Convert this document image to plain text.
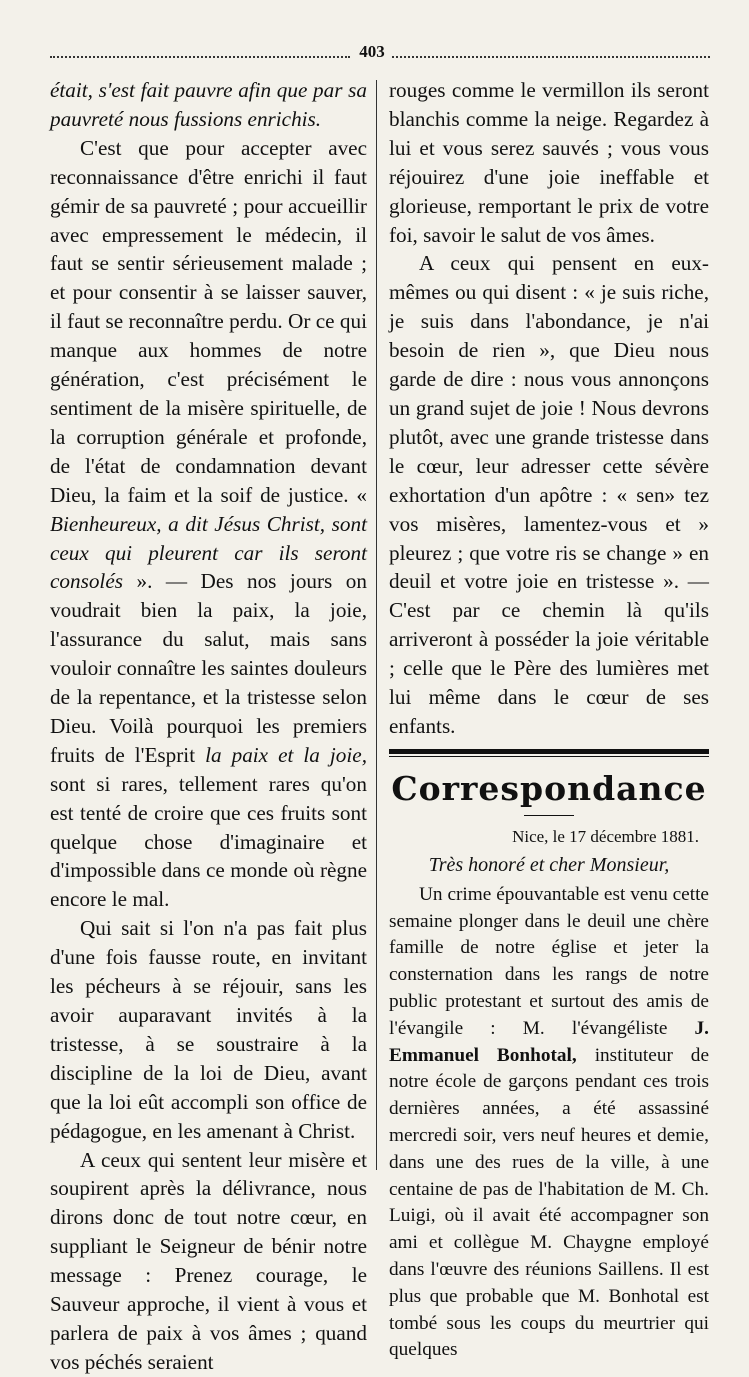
403

était, s'est fait pauvre afin que par sa pauvreté nous fussions enrichis.

C'est que pour accepter avec reconnaissance d'être enrichi il faut gémir de sa pauvreté ; pour accueillir avec empressement le médecin, il faut se sentir sérieusement malade ; et pour consentir à se laisser sauver, il faut se reconnaître perdu. Or ce qui manque aux hommes de notre génération, c'est précisément le sentiment de la misère spirituelle, de la corruption générale et profonde, de l'état de condamnation devant Dieu, la faim et la soif de justice. « Bienheureux, a dit Jésus Christ, sont ceux qui pleurent car ils seront consolés ». — Des nos jours on voudrait bien la paix, la joie, l'assurance du salut, mais sans vouloir connaître les saintes douleurs de la repentance, et la tristesse selon Dieu. Voilà pourquoi les premiers fruits de l'Esprit la paix et la joie, sont si rares, tellement rares qu'on est tenté de croire que ces fruits sont quelque chose d'imaginaire et d'impossible dans ce monde où règne encore le mal.

Qui sait si l'on n'a pas fait plus d'une fois fausse route, en invitant les pécheurs à se réjouir, sans les avoir auparavant invités à la tristesse, à se soustraire à la discipline de la loi de Dieu, avant que la loi eût accompli son office de pédagogue, en les amenant à Christ.

A ceux qui sentent leur misère et soupirent après la délivrance, nous dirons donc de tout notre cœur, en suppliant le Seigneur de bénir notre message : Prenez courage, le Sauveur approche, il vient à vous et parlera de paix à vos âmes ; quand vos péchés seraient

rouges comme le vermillon ils seront blanchis comme la neige. Regardez à lui et vous serez sauvés ; vous vous réjouirez d'une joie ineffable et glorieuse, remportant le prix de votre foi, savoir le salut de vos âmes.

A ceux qui pensent en eux-mêmes ou qui disent : « je suis riche, je suis dans l'abondance, je n'ai besoin de rien », que Dieu nous garde de dire : nous vous annonçons un grand sujet de joie ! Nous devrons plutôt, avec une grande tristesse dans le cœur, leur adresser cette sévère exhortation d'un apôtre : « sen» tez vos misères, lamentez-vous et » pleurez ; que votre ris se change » en deuil et votre joie en tristesse ». — C'est par ce chemin là qu'ils arriveront à posséder la joie véritable ; celle que le Père des lumières met lui même dans le cœur de ses enfants.

Correspondance
Nice, le 17 décembre 1881.
Très honoré et cher Monsieur,

Un crime épouvantable est venu cette semaine plonger dans le deuil une chère famille de notre église et jeter la consternation dans les rangs de notre public protestant et surtout des amis de l'évangile : M. l'évangéliste J. Emmanuel Bonhotal, instituteur de notre école de garçons pendant ces trois dernières années, a été assassiné mercredi soir, vers neuf heures et demie, dans une des rues de la ville, à une centaine de pas de l'habitation de M. Ch. Luigi, où il avait été accompagner son ami et collègue M. Chaygne employé dans l'œuvre des réunions Saillens. Il est plus que probable que M. Bonhotal est tombé sous les coups du meurtrier qui quelques
